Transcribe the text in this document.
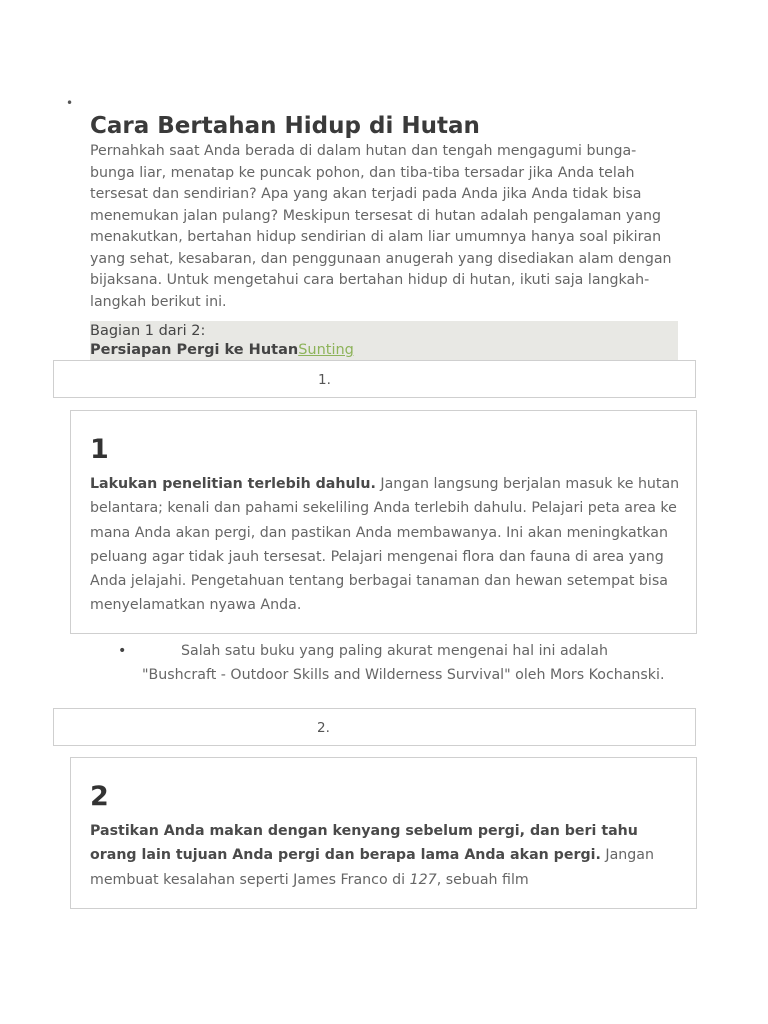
•
Cara Bertahan Hidup di Hutan

Pernahkah saat Anda berada di dalam hutan dan tengah mengagumi bunga-bunga liar, menatap ke puncak pohon, dan tiba-tiba tersadar jika Anda telah tersesat dan sendirian? Apa yang akan terjadi pada Anda jika Anda tidak bisa menemukan jalan pulang? Meskipun tersesat di hutan adalah pengalaman yang menakutkan, bertahan hidup sendirian di alam liar umumnya hanya soal pikiran yang sehat, kesabaran, dan penggunaan anugerah yang disediakan alam dengan bijaksana. Untuk mengetahui cara bertahan hidup di hutan, ikuti saja langkah-langkah berikut ini.

Bagian 1 dari 2:
Persiapan Pergi ke HutanSunting
1.
1

Lakukan penelitian terlebih dahulu. Jangan langsung berjalan masuk ke hutan belantara; kenali dan pahami sekeliling Anda terlebih dahulu. Pelajari peta area ke mana Anda akan pergi, dan pastikan Anda membawanya. Ini akan meningkatkan peluang agar tidak jauh tersesat. Pelajari mengenai flora dan fauna di area yang Anda jelajahi. Pengetahuan tentang berbagai tanaman dan hewan setempat bisa menyelamatkan nyawa Anda.

•	Salah satu buku yang paling akurat mengenai hal ini adalah "Bushcraft - Outdoor Skills and Wilderness Survival" oleh Mors Kochanski.
2.
2

Pastikan Anda makan dengan kenyang sebelum pergi, dan beri tahu orang lain tujuan Anda pergi dan berapa lama Anda akan pergi. Jangan membuat kesalahan seperti James Franco di 127, sebuah film
